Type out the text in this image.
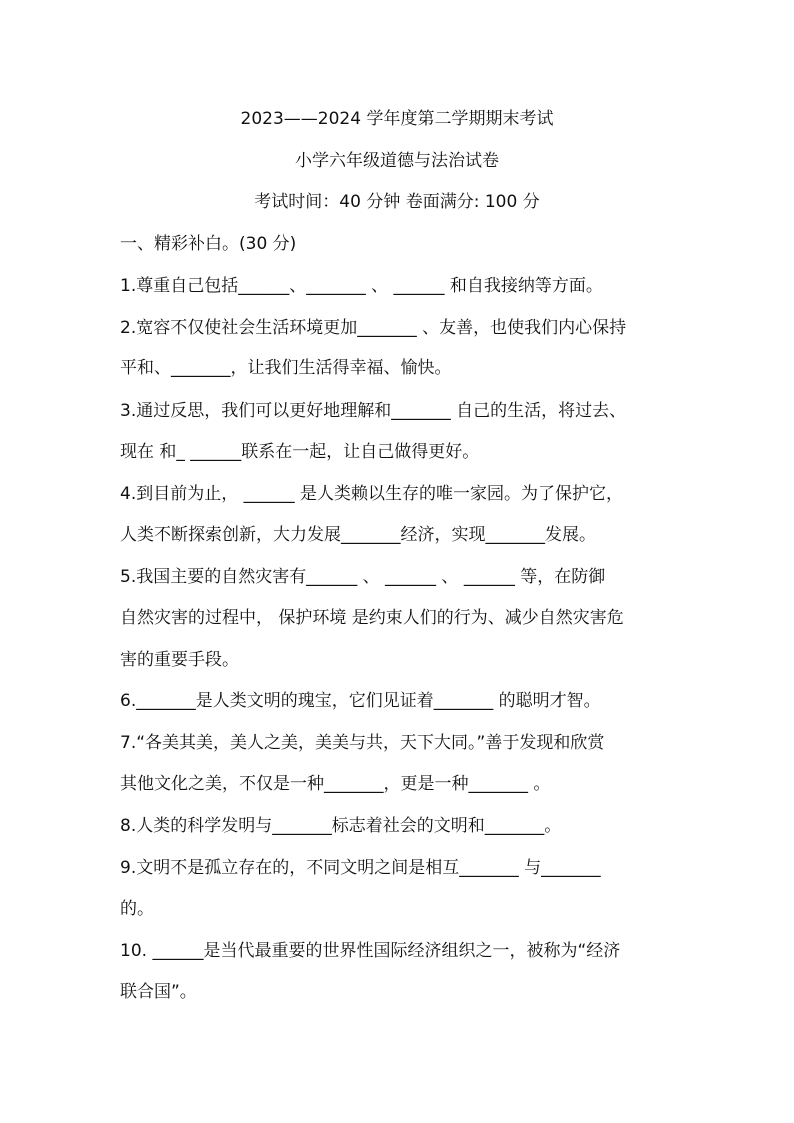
2023——2024 学年度第二学期期末考试
小学六年级道德与法治试卷
考试时间：40 分钟 卷面满分: 100 分
一、精彩补白。(30 分)
1.尊重自己包括______、_______ 、 ______ 和自我接纳等方面。
2.宽容不仅使社会生活环境更加_______ 、友善，也使我们内心保持
平和、_______，让我们生活得幸福、愉快。
3.通过反思，我们可以更好地理解和_______ 自己的生活，将过去、
现在 和_ ______联系在一起，让自己做得更好。
4.到目前为止， ______ 是人类赖以生存的唯一家园。为了保护它，
人类不断探索创新，大力发展_______经济，实现_______发展。
5.我国主要的自然灾害有______ 、 ______ 、 ______ 等，在防御
自然灾害的过程中， 保护环境 是约束人们的行为、减少自然灾害危
害的重要手段。
6._______是人类文明的瑰宝，它们见证着_______ 的聪明才智。
7.“各美其美，美人之美，美美与共，天下大同。”善于发现和欣赏
其他文化之美，不仅是一种_______，更是一种_______ 。
8.人类的科学发明与_______标志着社会的文明和_______。
9.文明不是孤立存在的，不同文明之间是相互_______ 与_______
的。
10. ______是当代最重要的世界性国际经济组织之一，被称为“经济
联合国”。
